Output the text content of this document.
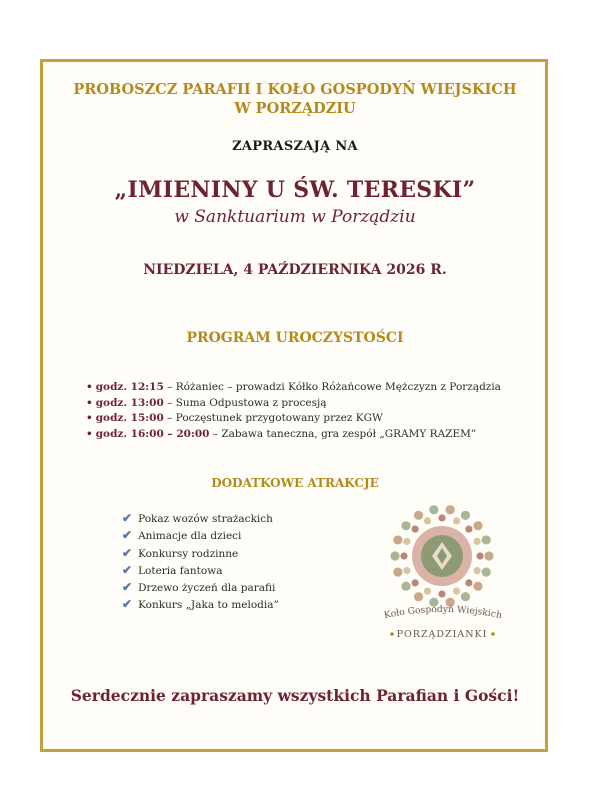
PROBOSZCZ PARAFII I KOŁO GOSPODYŃ WIEJSKICH
W PORZĄDZIU
ZAPRASZAJĄ NA
„IMIENINY U ŚW. TERESKI”
w Sanktuarium w Porządziu
NIEDZIELA, 4 PAŹDZIERNIKA 2026 R.
PROGRAM UROCZYSTOŚCI
• godz. 12:15 – Różaniec – prowadzi Kółko Różańcowe Mężczyzn z Porządzia
• godz. 13:00 – Suma Odpustowa z procesją
• godz. 15:00 – Poczęstunek przygotowany przez KGW
• godz. 16:00 – 20:00 – Zabawa taneczna, gra zespół „GRAMY RAZEM”
DODATKOWE ATRAKCJE
✔ Pokaz wozów strażackich
✔ Animacje dla dzieci
✔ Konkursy rodzinne
✔ Loteria fantowa
✔ Drzewo życzeń dla parafii
✔ Konkurs „Jaka to melodia”
Koło Gospodyń Wiejskich
PORZĄDZIANKI
Serdecznie zapraszamy wszystkich Parafian i Gości!
